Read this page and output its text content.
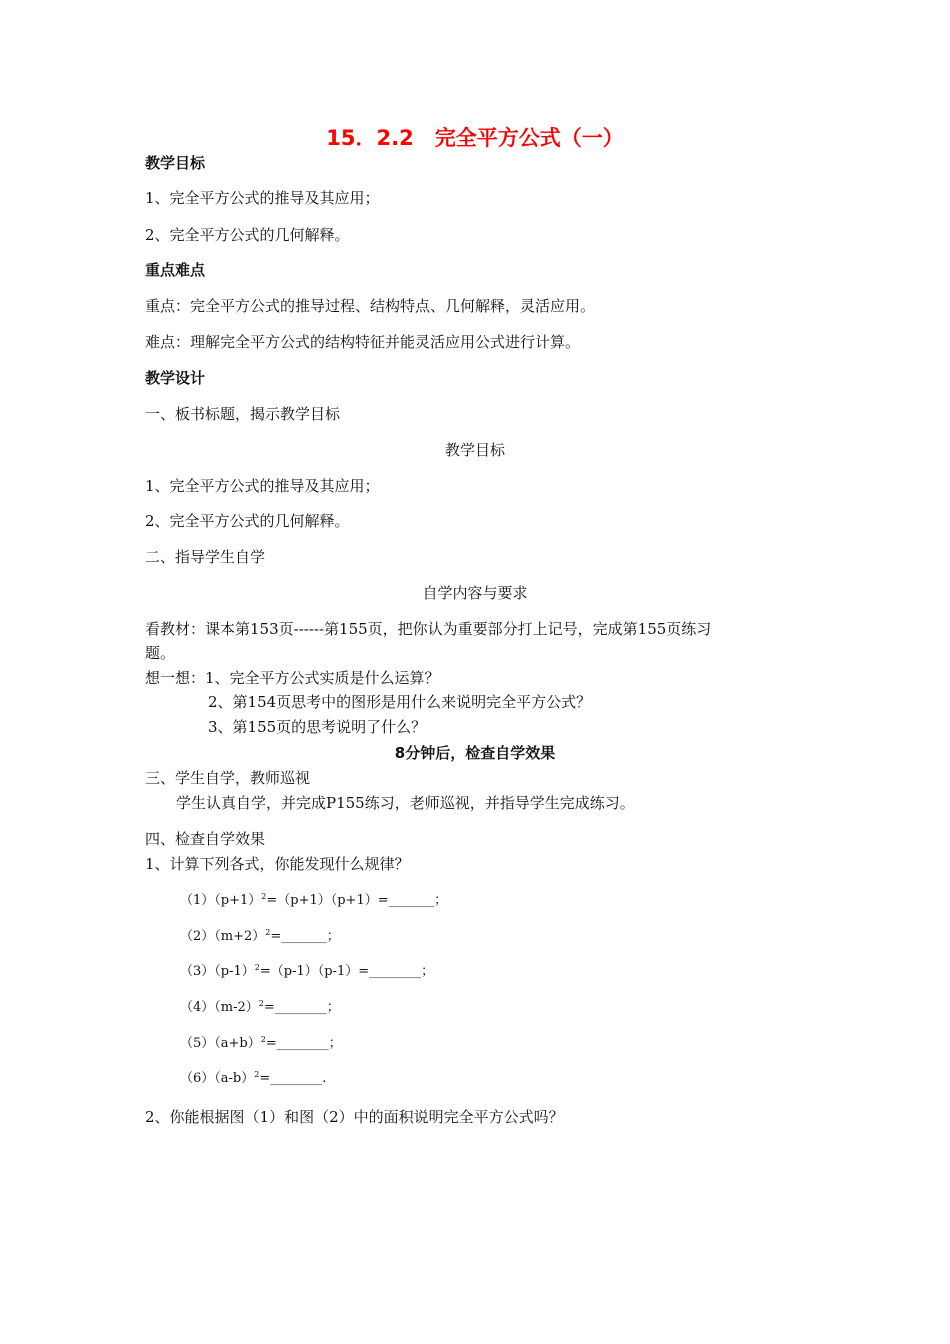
15．2.2　完全平方公式（一）
教学目标
1、完全平方公式的推导及其应用；
2、完全平方公式的几何解释。
重点难点
重点：完全平方公式的推导过程、结构特点、几何解释，灵活应用。
难点：理解完全平方公式的结构特征并能灵活应用公式进行计算。
教学设计
一、板书标题，揭示教学目标
教学目标
1、完全平方公式的推导及其应用；
2、完全平方公式的几何解释。
二、指导学生自学
自学内容与要求
看教材：课本第153页------第155页，把你认为重要部分打上记号，完成第155页练习
题。
想一想：1、完全平方公式实质是什么运算？
2、第154页思考中的图形是用什么来说明完全平方公式？
3、第155页的思考说明了什么？
8分钟后，检查自学效果
三、学生自学，教师巡视
学生认真自学，并完成P155练习，老师巡视，并指导学生完成练习。
四、检查自学效果
1、计算下列各式，你能发现什么规律？
$(1)(p+1)^2=(p+1)(p+1)=\_\_\_\_\_\_\_$；
$(2)(m+2)^2=\_\_\_\_\_\_\_$；
$(3)(p-1)^2=(p-1)(p-1)=\_\_\_\_\_\_\_\_$；
$(4)(m-2)^2=\_\_\_\_\_\_\_\_$；
$(5)(a+b)^2=\_\_\_\_\_\_\_\_$；
$(6)(a-b)^2=\_\_\_\_\_\_\_\_$.
2、你能根据图（1）和图（2）中的面积说明完全平方公式吗？
